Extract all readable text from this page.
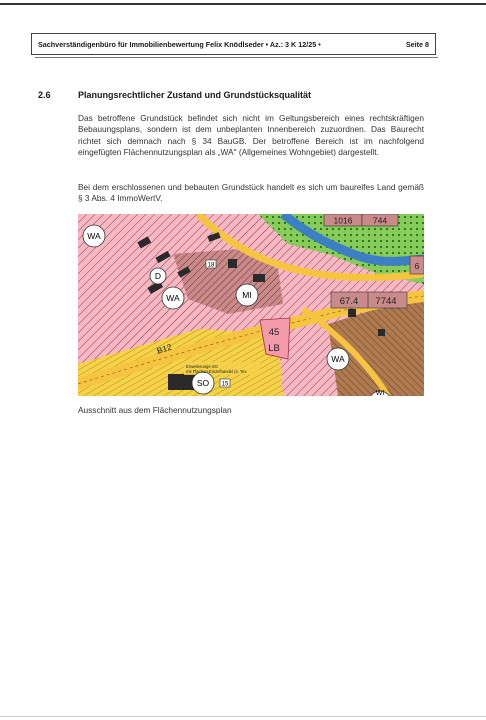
Sachverständigenbüro für Immobilienbewertung Felix Knödlseder • Az.: 3 K 12/25 •	Seite 8
2.6	Planungsrechtlicher Zustand und Grundstücksqualität

Das betroffene Grundstück befindet sich nicht im Geltungsbereich eines rechtskräftigen Bebauungsplans, sondern ist dem unbeplanten Innenbereich zuzuordnen. Das Baurecht richtet sich demnach nach § 34 BauGB. Der betroffene Bereich ist im nachfolgend eingefügten Flächennutzungsplan als „WA" (Allgemeines Wohngebiet) dargestellt.

Bei dem erschlossenen und bebauten Grundstück handelt es sich um baureifes Land gemäß § 3 Abs. 4 ImmoWertV.

WA
D
WA	MI
WA
SO
WI
18
15
1016 744
67.4 7744
6
45
LB
B12
Erweiterungs-SO
mit Flächen-Einzelhandel (s. Tex
Ausschnitt aus dem Flächennutzungsplan
